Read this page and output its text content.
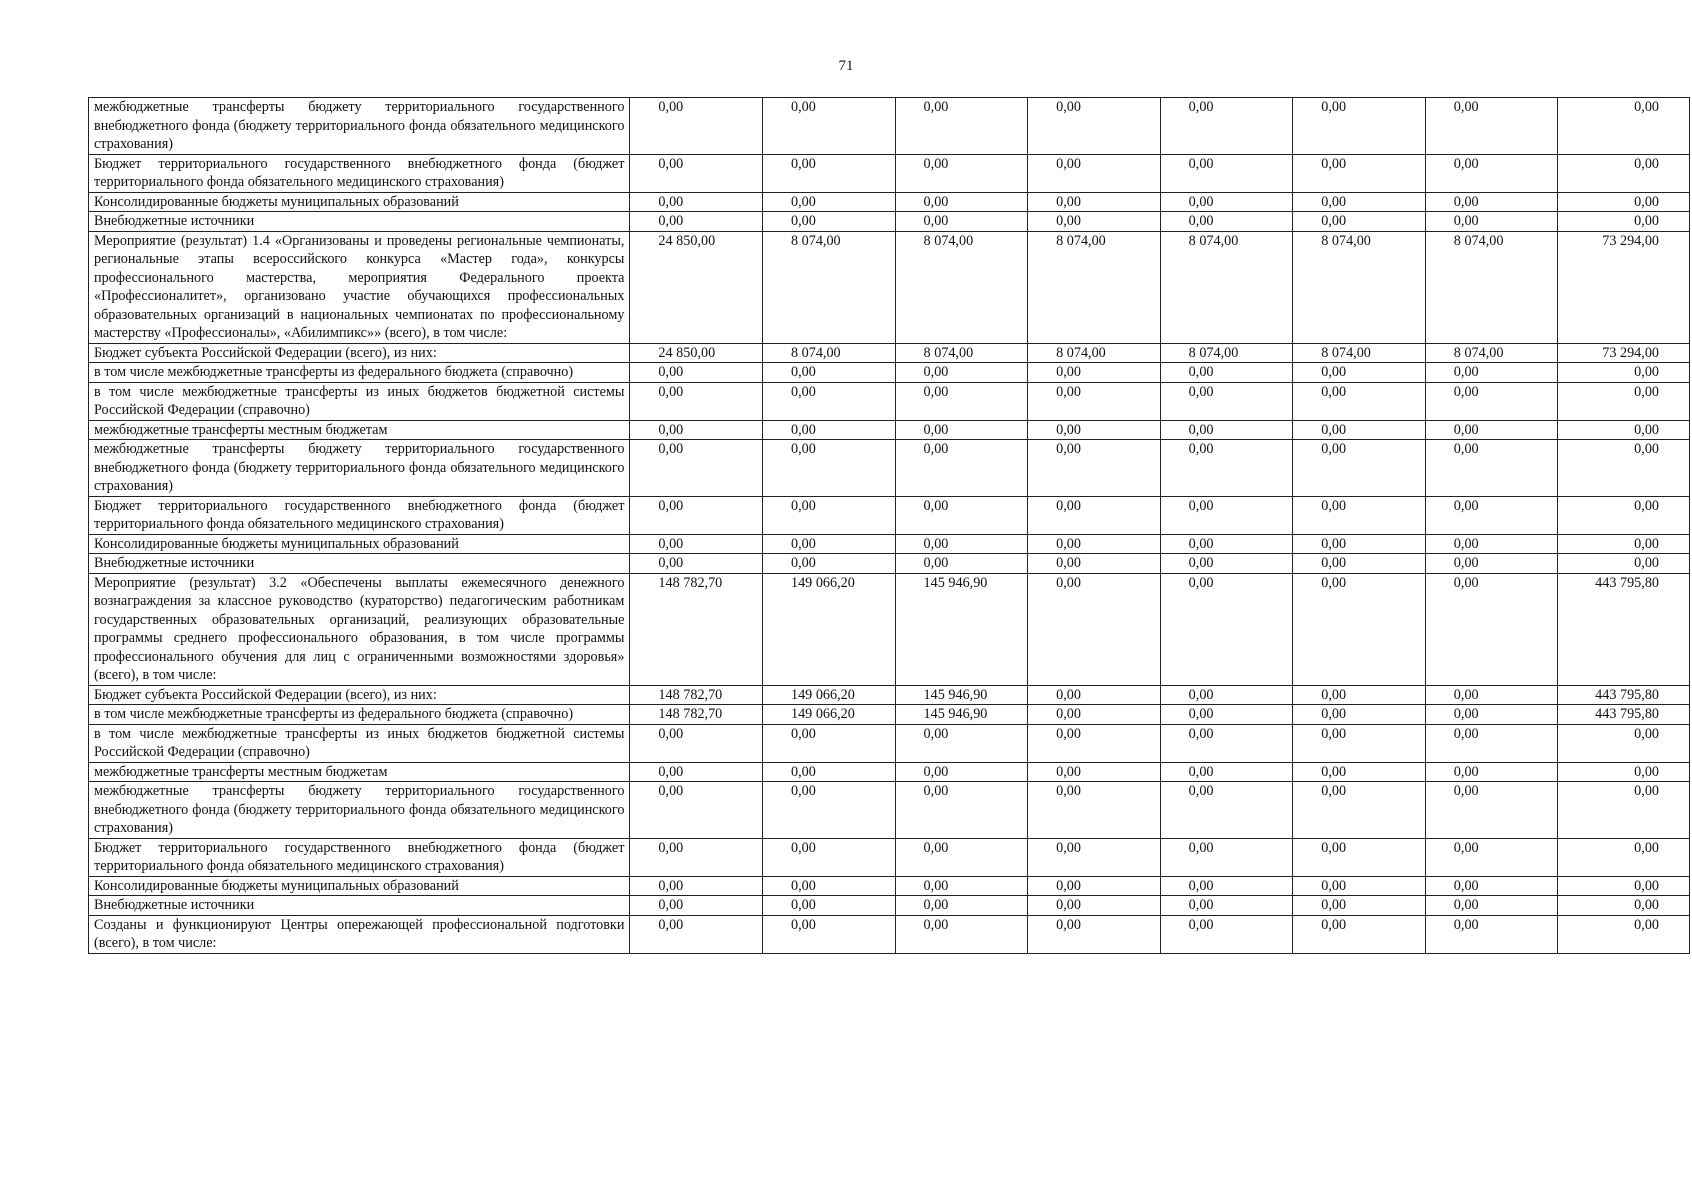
71
межбюджетные трансферты бюджету территориального государственного внебюджетного фонда (бюджету территориального фонда обязательного медицинского страхования)	0,00	0,00	0,00	0,00	0,00	0,00	0,00	0,00
Бюджет территориального государственного внебюджетного фонда (бюджет территориального фонда обязательного медицинского страхования)	0,00	0,00	0,00	0,00	0,00	0,00	0,00	0,00
Консолидированные бюджеты муниципальных образований	0,00	0,00	0,00	0,00	0,00	0,00	0,00	0,00
Внебюджетные источники	0,00	0,00	0,00	0,00	0,00	0,00	0,00	0,00
Мероприятие (результат) 1.4 «Организованы и проведены региональные чемпионаты, региональные этапы всероссийского конкурса «Мастер года», конкурсы профессионального мастерства, мероприятия Федерального проекта «Профессионалитет», организовано участие обучающихся профессиональных образовательных организаций в национальных чемпионатах по профессиональному мастерству «Профессионалы», «Абилимпикс»» (всего), в том числе:	24 850,00	8 074,00	8 074,00	8 074,00	8 074,00	8 074,00	8 074,00	73 294,00
Бюджет субъекта Российской Федерации (всего), из них:	24 850,00	8 074,00	8 074,00	8 074,00	8 074,00	8 074,00	8 074,00	73 294,00
в том числе межбюджетные трансферты из федерального бюджета (справочно)	0,00	0,00	0,00	0,00	0,00	0,00	0,00	0,00
в том числе межбюджетные трансферты из иных бюджетов бюджетной системы Российской Федерации (справочно)	0,00	0,00	0,00	0,00	0,00	0,00	0,00	0,00
межбюджетные трансферты местным бюджетам	0,00	0,00	0,00	0,00	0,00	0,00	0,00	0,00
межбюджетные трансферты бюджету территориального государственного внебюджетного фонда (бюджету территориального фонда обязательного медицинского страхования)	0,00	0,00	0,00	0,00	0,00	0,00	0,00	0,00
Бюджет территориального государственного внебюджетного фонда (бюджет территориального фонда обязательного медицинского страхования)	0,00	0,00	0,00	0,00	0,00	0,00	0,00	0,00
Консолидированные бюджеты муниципальных образований	0,00	0,00	0,00	0,00	0,00	0,00	0,00	0,00
Внебюджетные источники	0,00	0,00	0,00	0,00	0,00	0,00	0,00	0,00
Мероприятие (результат) 3.2 «Обеспечены выплаты ежемесячного денежного вознаграждения за классное руководство (кураторство) педагогическим работникам государственных образовательных организаций, реализующих образовательные программы среднего профессионального образования, в том числе программы профессионального обучения для лиц с ограниченными возможностями здоровья» (всего), в том числе:	148 782,70	149 066,20	145 946,90	0,00	0,00	0,00	0,00	443 795,80
Бюджет субъекта Российской Федерации (всего), из них:	148 782,70	149 066,20	145 946,90	0,00	0,00	0,00	0,00	443 795,80
в том числе межбюджетные трансферты из федерального бюджета (справочно)	148 782,70	149 066,20	145 946,90	0,00	0,00	0,00	0,00	443 795,80
в том числе межбюджетные трансферты из иных бюджетов бюджетной системы Российской Федерации (справочно)	0,00	0,00	0,00	0,00	0,00	0,00	0,00	0,00
межбюджетные трансферты местным бюджетам	0,00	0,00	0,00	0,00	0,00	0,00	0,00	0,00
межбюджетные трансферты бюджету территориального государственного внебюджетного фонда (бюджету территориального фонда обязательного медицинского страхования)	0,00	0,00	0,00	0,00	0,00	0,00	0,00	0,00
Бюджет территориального государственного внебюджетного фонда (бюджет территориального фонда обязательного медицинского страхования)	0,00	0,00	0,00	0,00	0,00	0,00	0,00	0,00
Консолидированные бюджеты муниципальных образований	0,00	0,00	0,00	0,00	0,00	0,00	0,00	0,00
Внебюджетные источники	0,00	0,00	0,00	0,00	0,00	0,00	0,00	0,00
Созданы и функционируют Центры опережающей профессиональной подготовки (всего), в том числе:	0,00	0,00	0,00	0,00	0,00	0,00	0,00	0,00
